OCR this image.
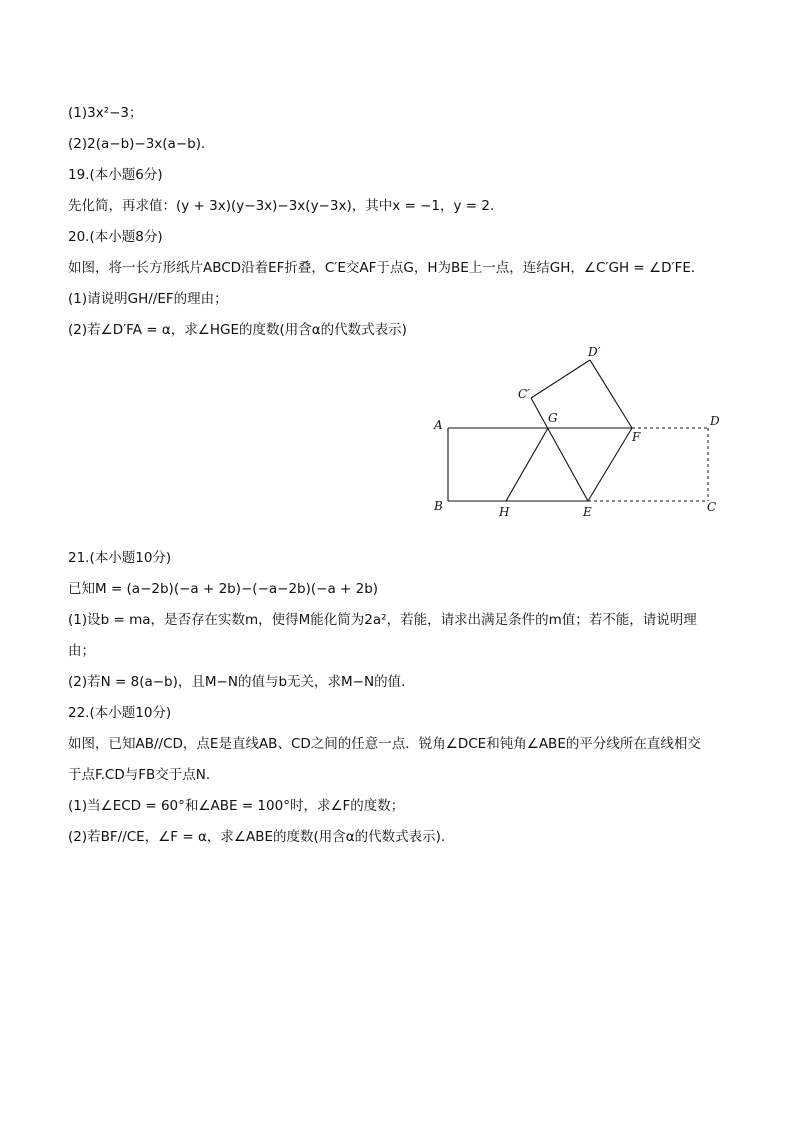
(1)3x²−3；
(2)2(a−b)−3x(a−b)．
19.(本小题6分)
先化简，再求值：(y + 3x)(y−3x)−3x(y−3x)，其中x = −1，y = 2．
20.(本小题8分)
如图，将一长方形纸片ABCD沿着EF折叠，C′E交AF于点G，H为BE上一点，连结GH，∠C′GH = ∠D′FE．
(1)请说明GH//EF的理由；
(2)若∠D′FA = α，求∠HGE的度数(用含α的代数式表示)
A
B	H	E	C
D
F
G
C′
D′
21.(本小题10分)
已知M = (a−2b)(−a + 2b)−(−a−2b)(−a + 2b)
(1)设b = ma，是否存在实数m，使得M能化简为2a²，若能，请求出满足条件的m值；若不能，请说明理
由；
(2)若N = 8(a−b)，且M−N的值与b无关，求M−N的值．
22.(本小题10分)
如图，已知AB//CD，点E是直线AB、CD之间的任意一点．锐角∠DCE和钝角∠ABE的平分线所在直线相交
于点F.CD与FB交于点N．
(1)当∠ECD = 60°和∠ABE = 100°时，求∠F的度数；
(2)若BF//CE，∠F = α，求∠ABE的度数(用含α的代数式表示)．
